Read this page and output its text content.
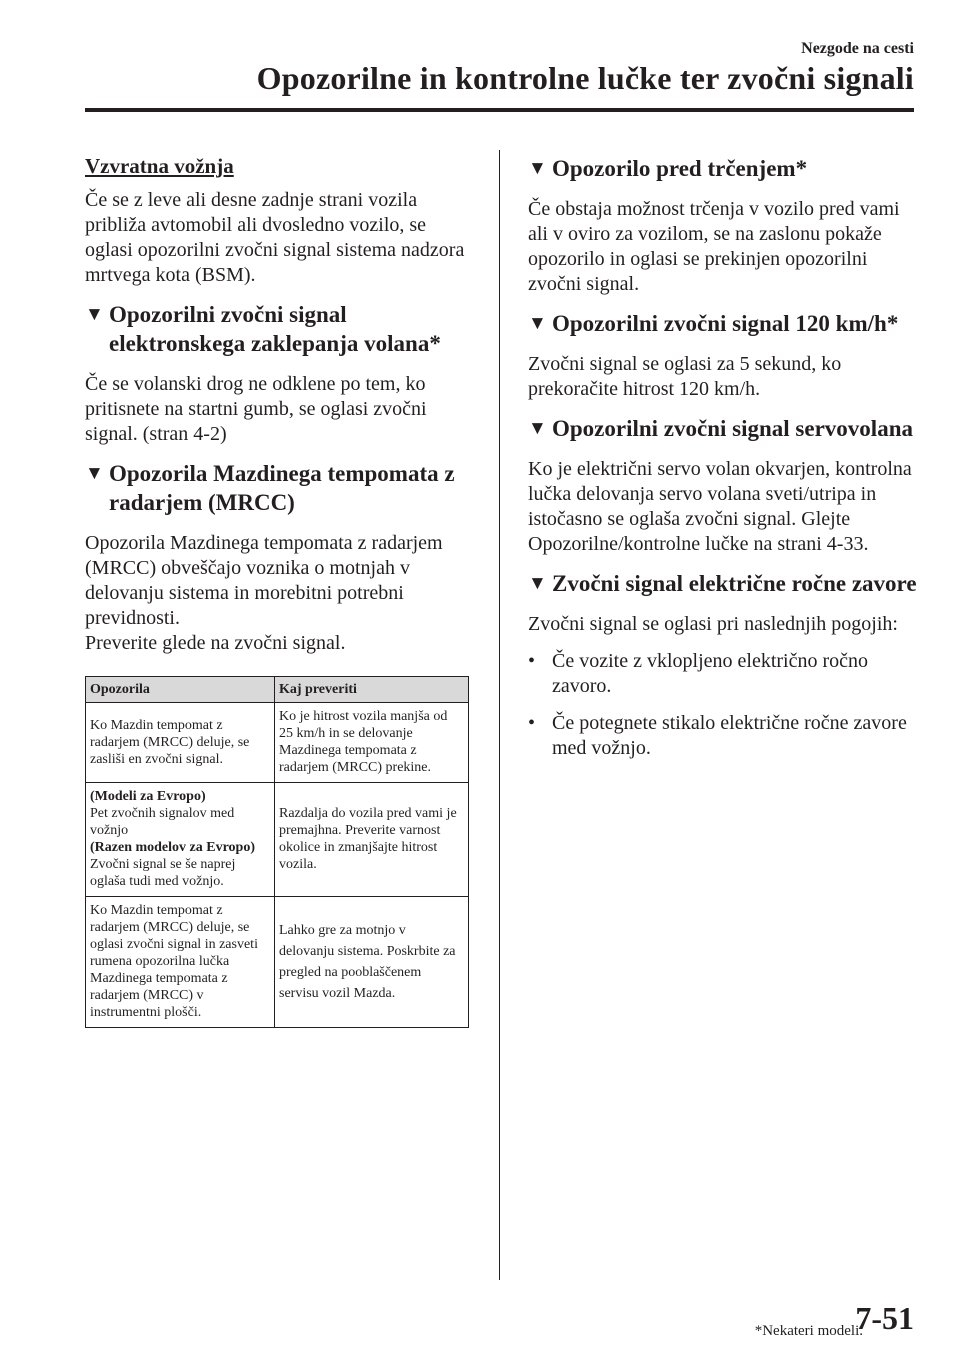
Nezgode na cesti
Opozorilne in kontrolne lučke ter zvočni signali
Vzvratna vožnja

Če se z leve ali desne zadnje strani vozila približa avtomobil ali dvosledno vozilo, se oglasi opozorilni zvočni signal sistema nadzora mrtvega kota (BSM).

▼ Opozorilni zvočni signal elektronskega zaklepanja volana*

Če se volanski drog ne odklene po tem, ko pritisnete na startni gumb, se oglasi zvočni signal. (stran 4-2)

▼ Opozorila Mazdinega tempomata z radarjem (MRCC)

Opozorila Mazdinega tempomata z radarjem (MRCC) obveščajo voznika o motnjah v delovanju sistema in morebitni potrebni previdnosti.

Preverite glede na zvočni signal.

Opozorila	Kaj preveriti
Ko Mazdin tempomat z radarjem (MRCC) deluje, se zasliši en zvočni signal.	Ko je hitrost vozila manjša od 25 km/h in se delovanje Mazdinega tempomata z radarjem (MRCC) prekine.

(Modeli za Evropo)
Pet zvočnih signalov med vožnjo
(Razen modelov za Evropo)
Zvočni signal se še naprej oglaša tudi med vožnjo.	Razdalja do vozila pred vami je premajhna. Preverite varnost okolice in zmanjšajte hitrost vozila.
Ko Mazdin tempomat z radarjem (MRCC) deluje, se oglasi zvočni signal in zasveti rumena opozorilna lučka Mazdinega tempomata z radarjem (MRCC) v instrumentni plošči.	Lahko gre za motnjo v delovanju sistema. Poskrbite za pregled na pooblaščenem servisu vozil Mazda.
▼ Opozorilo pred trčenjem*

Če obstaja možnost trčenja v vozilo pred vami ali v oviro za vozilom, se na zaslonu pokaže opozorilo in oglasi se prekinjen opozorilni zvočni signal.

▼ Opozorilni zvočni signal 120 km/h*

Zvočni signal se oglasi za 5 sekund, ko prekoračite hitrost 120 km/h.

▼ Opozorilni zvočni signal servovolana

Ko je električni servo volan okvarjen, kontrolna lučka delovanja servo volana sveti/utripa in istočasno se oglaša zvočni signal. Glejte Opozorilne/kontrolne lučke na strani 4-33.

▼ Zvočni signal električne ročne zavore

Zvočni signal se oglasi pri naslednjih pogojih:

• Če vozite z vklopljeno električno ročno zavoro.
• Če potegnete stikalo električne ročne zavore med vožnjo.
*Nekateri modeli.
7-51
